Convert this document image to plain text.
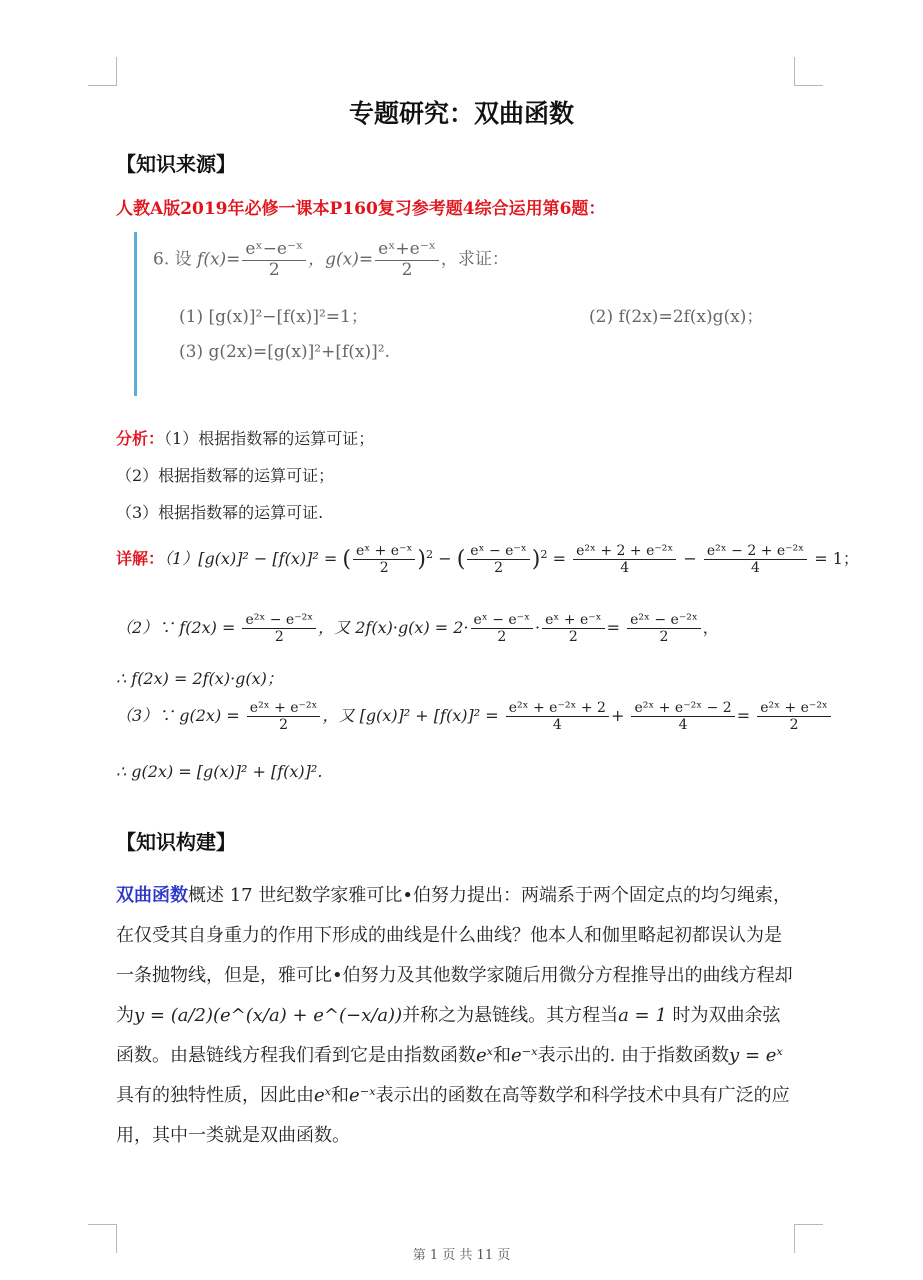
专题研究：双曲函数
【知识来源】
人教A版2019年必修一课本P160复习参考题4综合运用第6题：
6. 设 $f(x)= \frac{\text{eˣ−e⁻ˣ}}{2}$ ，$g(x)= \frac{\text{eˣ+e⁻ˣ}}{2}$ ，求证：
(1) [g(x)]²−[f(x)]²=1；	(2) f(2x)=2f(x)g(x)；
(3) g(2x)=[g(x)]²+[f(x)]².
分析：（1）根据指数幂的运算可证；
（2）根据指数幂的运算可证；
（3）根据指数幂的运算可证.
详解：（1）[g(x)]² − [f(x)]² = ( $\frac{\text{eˣ + e⁻ˣ}}{2} )^2$ − ( $\frac{\text{eˣ − e⁻ˣ}}{2} )^2 = \frac{\text{e²ˣ + 2 + e⁻²ˣ}}{4} - \frac{\text{e²ˣ − 2 + e⁻²ˣ}}{4} = 1$；
（2）∵ $f(2x) = \frac{\text{e²ˣ − e⁻²ˣ}}{2}$ ，又 $2f(x)\cdot g(x) = 2\cdot \frac{\text{eˣ − e⁻ˣ}}{2} \cdot \frac{\text{eˣ + e⁻ˣ}}{2} = \frac{\text{e²ˣ − e⁻²ˣ}}{2}$ ，
∴ f(2x) = 2f(x)·g(x)；
（3）∵ $g(2x) = \frac{\text{e²ˣ + e⁻²ˣ}}{2}$ ，又 $[g(x)]^2 + [f(x)]^2 = \frac{\text{e²ˣ + e⁻²ˣ + 2}}{4} + \frac{\text{e²ˣ + e⁻²ˣ − 2}}{4} = \frac{\text{e²ˣ + e⁻²ˣ}}{2}$
∴ g(2x) = [g(x)]² + [f(x)]².
【知识构建】
双曲函数概述 17 世纪数学家雅可比•伯努力提出：两端系于两个固定点的均匀绳索，在仅受其自身重力的作用下形成的曲线是什么曲线？他本人和伽里略起初都误认为是一条抛物线，但是，雅可比•伯努力及其他数学家随后用微分方程推导出的曲线方程却为y = (a/2)(e^(x/a) + e^(−x/a))并称之为悬链线。其方程当a = 1 时为双曲余弦函数。由悬链线方程我们看到它是由指数函数eˣ和e⁻ˣ表示出的. 由于指数函数y = eˣ具有的独特性质，因此由eˣ和e⁻ˣ表示出的函数在高等数学和科学技术中具有广泛的应用，其中一类就是双曲函数。
第 1 页 共 11 页
